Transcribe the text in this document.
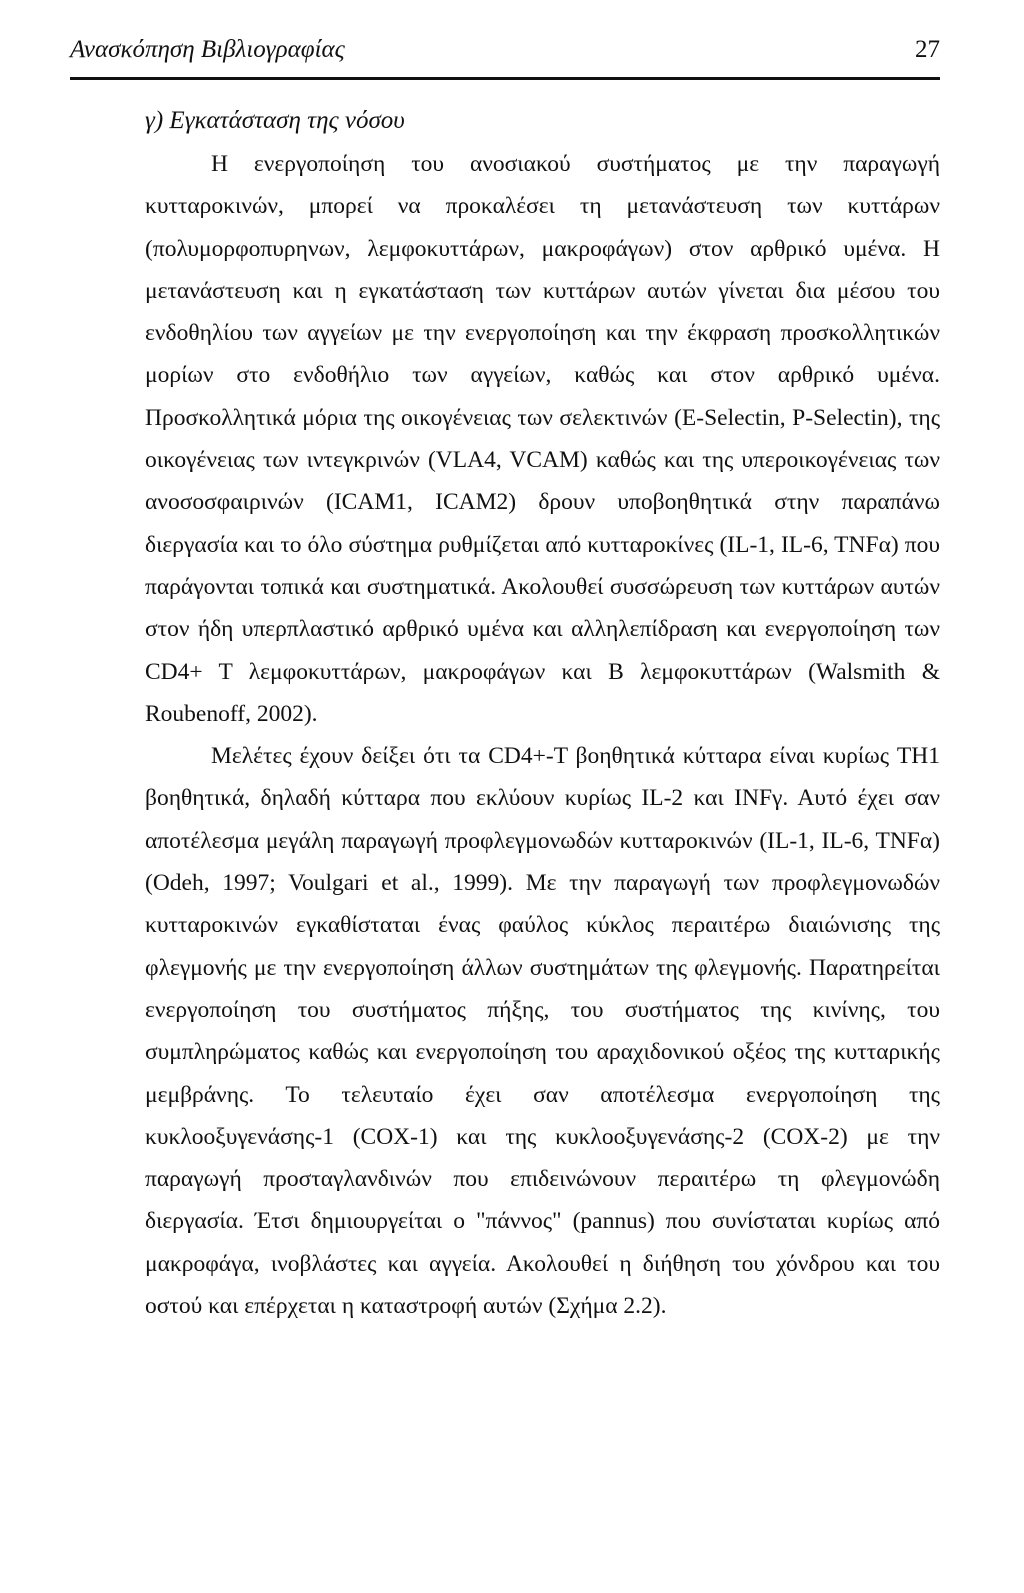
Ανασκόπηση Βιβλιογραφίας	27
γ) Εγκατάσταση της νόσου

Η ενεργοποίηση του ανοσιακού συστήματος με την παραγωγή κυτταροκινών, μπορεί να προκαλέσει τη μετανάστευση των κυττάρων (πολυμορφοπυρηνων, λεμφοκυττάρων, μακροφάγων) στον αρθρικό υμένα. Η μετανάστευση και η εγκατάσταση των κυττάρων αυτών γίνεται δια μέσου του ενδοθηλίου των αγγείων με την ενεργοποίηση και την έκφραση προσκολλητικών μορίων στο ενδοθήλιο των αγγείων, καθώς και στον αρθρικό υμένα. Προσκολλητικά μόρια της οικογένειας των σελεκτινών (E-Selectin, P-Selectin), της οικογένειας των ιντεγκρινών (VLA4, VCAM) καθώς και της υπεροικογένειας των ανοσοσφαιρινών (ICAM1, ICAM2) δρουν υποβοηθητικά στην παραπάνω διεργασία και το όλο σύστημα ρυθμίζεται από κυτταροκίνες (IL-1, IL-6, TNFα) που παράγονται τοπικά και συστηματικά. Ακολουθεί συσσώρευση των κυττάρων αυτών στον ήδη υπερπλαστικό αρθρικό υμένα και αλληλεπίδραση και ενεργοποίηση των CD4+ T λεμφοκυττάρων, μακροφάγων και B λεμφοκυττάρων (Walsmith & Roubenoff, 2002).

Μελέτες έχουν δείξει ότι τα CD4+-T βοηθητικά κύτταρα είναι κυρίως TH1 βοηθητικά, δηλαδή κύτταρα που εκλύουν κυρίως IL-2 και INFγ. Αυτό έχει σαν αποτέλεσμα μεγάλη παραγωγή προφλεγμονωδών κυτταροκινών (IL-1, IL-6, TNFα) (Odeh, 1997; Voulgari et al., 1999). Με την παραγωγή των προφλεγμονωδών κυτταροκινών εγκαθίσταται ένας φαύλος κύκλος περαιτέρω διαιώνισης της φλεγμονής με την ενεργοποίηση άλλων συστημάτων της φλεγμονής. Παρατηρείται ενεργοποίηση του συστήματος πήξης, του συστήματος της κινίνης, του συμπληρώματος καθώς και ενεργοποίηση του αραχιδονικού οξέος της κυτταρικής μεμβράνης. Το τελευταίο έχει σαν αποτέλεσμα ενεργοποίηση της κυκλοοξυγενάσης-1 (COX-1) και της κυκλοοξυγενάσης-2 (COX-2) με την παραγωγή προσταγλανδινών που επιδεινώνουν περαιτέρω τη φλεγμονώδη διεργασία. Έτσι δημιουργείται ο "πάννος" (pannus) που συνίσταται κυρίως από μακροφάγα, ινοβλάστες και αγγεία. Ακολουθεί η διήθηση του χόνδρου και του οστού και επέρχεται η καταστροφή αυτών (Σχήμα 2.2).
